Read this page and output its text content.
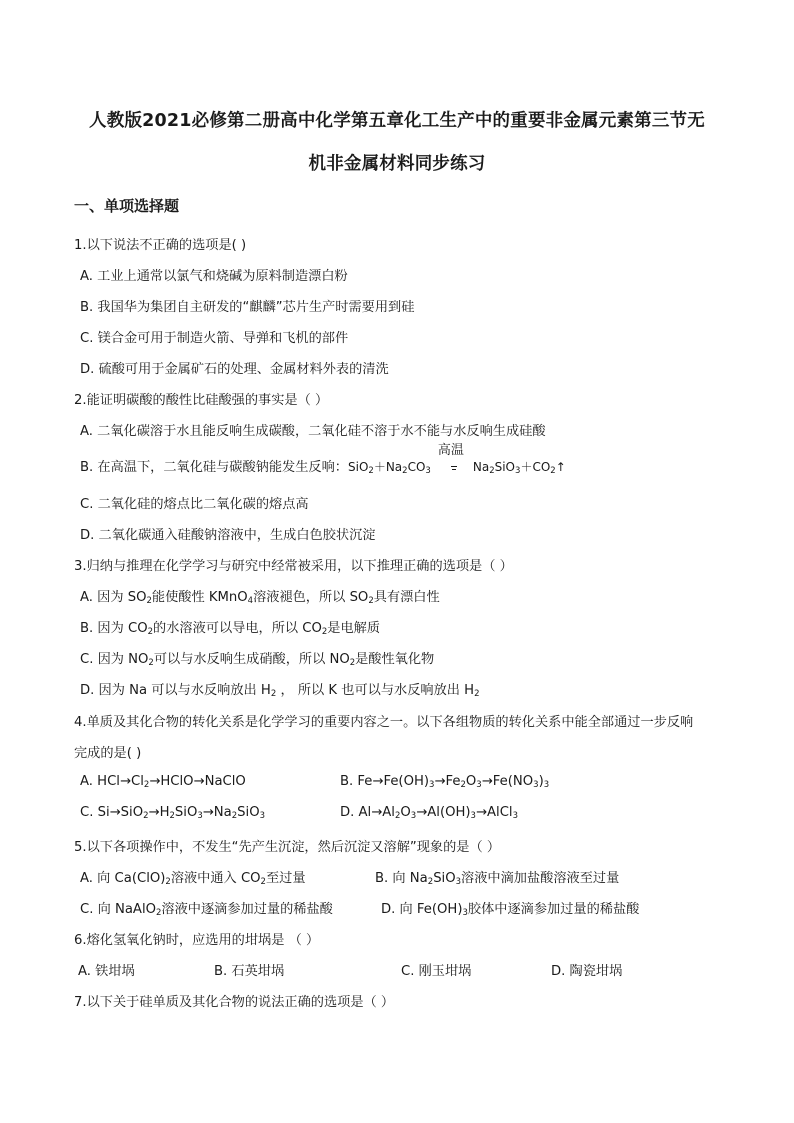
人教版2021必修第二册高中化学第五章化工生产中的重要非金属元素第三节无
机非金属材料同步练习
一、单项选择题
1.以下说法不正确的选项是( )
A. 工业上通常以氯气和烧碱为原料制造漂白粉
B. 我国华为集团自主研发的“麒麟”芯片生产时需要用到硅
C. 镁合金可用于制造火箭、导弹和飞机的部件
D. 硫酸可用于金属矿石的处理、金属材料外表的清洗
2.能证明碳酸的酸性比硅酸强的事实是（ ）
A. 二氧化碳溶于水且能反响生成碳酸，二氧化硅不溶于水不能与水反响生成硅酸
B. 在高温下，二氧化硅与碳酸钠能发生反响：$SiO_2+Na_2CO_3$
高温
$Na_2SiO_3+CO_2↑$
C. 二氧化硅的熔点比二氧化碳的熔点高
D. 二氧化碳通入硅酸钠溶液中，生成白色胶状沉淀
3.归纳与推理在化学学习与研究中经常被采用，以下推理正确的选项是（ ）
A. 因为 $SO_2$能使酸性 KMnO$_4$溶液褪色，所以 $SO_2$具有漂白性
B. 因为 $CO_2$的水溶液可以导电，所以 $CO_2$是电解质
C. 因为 $NO_2$可以与水反响生成硝酸，所以 $NO_2$是酸性氧化物
D. 因为 Na 可以与水反响放出 $H_2$ ， 所以 K 也可以与水反响放出 $H_2$
4.单质及其化合物的转化关系是化学学习的重要内容之一。以下各组物质的转化关系中能全部通过一步反响
完成的是( )
A. $HCl\to Cl_2\to HClO\to NaClO$	B. $Fe\to Fe(OH)_3\to Fe_2O_3\to Fe(NO_3)_3$
C. $Si\to SiO_2\to H_2SiO_3\to Na_2SiO_3$	D. $Al\to Al_2O_3\to Al(OH)_3\to AlCl_3$
5.以下各项操作中，不发生“先产生沉淀，然后沉淀又溶解”现象的是（ ）
A. 向 $Ca(ClO)_2$溶液中通入 $CO_2$至过量	B. 向 $Na_2SiO_3$溶液中滴加盐酸溶液至过量
C. 向 NaAlO$_2$溶液中逐滴参加过量的稀盐酸	D. 向 $Fe(OH)_3$胶体中逐滴参加过量的稀盐酸
6.熔化氢氧化钠时，应选用的坩埚是 （ ）
A. 铁坩埚	B. 石英坩埚	C. 刚玉坩埚	D. 陶瓷坩埚
7.以下关于硅单质及其化合物的说法正确的选项是（ ）
